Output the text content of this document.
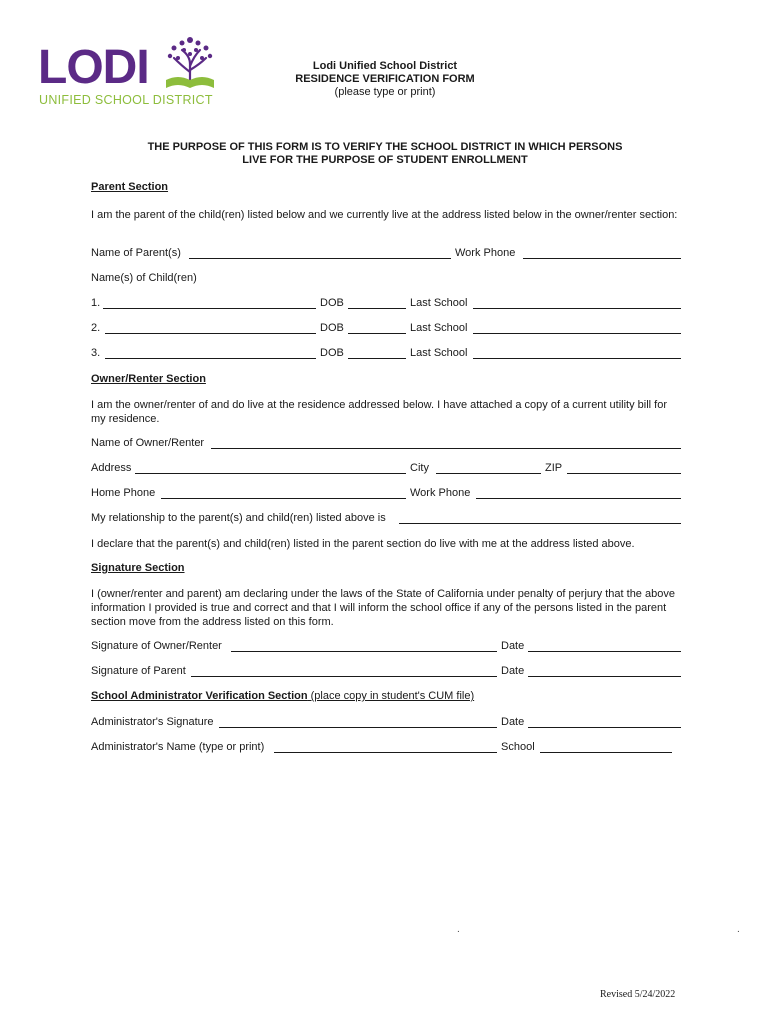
LODI
UNIFIED SCHOOL DISTRICT
Lodi Unified School District
RESIDENCE VERIFICATION FORM
(please type or print)
THE PURPOSE OF THIS FORM IS TO VERIFY THE SCHOOL DISTRICT IN WHICH PERSONS
LIVE FOR THE PURPOSE OF STUDENT ENROLLMENT
Parent Section
I am the parent of the child(ren) listed below and we currently live at the address listed below in the owner/renter section:
Name of Parent(s)	Work Phone
Name(s) of Child(ren)
1.	DOB	Last School
2.	DOB	Last School
3.	DOB	Last School
Owner/Renter Section
I am the owner/renter of and do live at the residence addressed below. I have attached a copy of a current utility bill for my residence.
Name of Owner/Renter
Address	City	ZIP
Home Phone	Work Phone
My relationship to the parent(s) and child(ren) listed above is
I declare that the parent(s) and child(ren) listed in the parent section do live with me at the address listed above.
Signature Section
I (owner/renter and parent) am declaring under the laws of the State of California under penalty of perjury that the above information I provided is true and correct and that I will inform the school office if any of the persons listed in the parent section move from the address listed on this form.
Signature of Owner/Renter	Date
Signature of Parent	Date
School Administrator Verification Section (place copy in student's CUM file)
Administrator's Signature	Date
Administrator's Name (type or print)	School
.	.
Revised 5/24/2022
